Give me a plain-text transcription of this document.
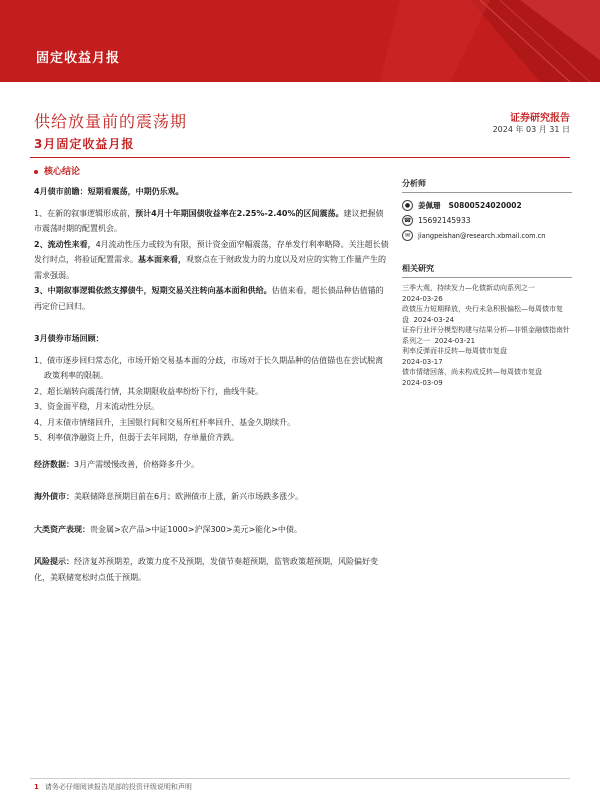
固定收益月报
供给放量前的震荡期
3月固定收益月报
证券研究报告
2024 年 03 月 31 日
核心结论

4月债市前瞻：短期看震荡，中期仍乐观。

1、在新的叙事逻辑形成前，预计4月十年期国债收益率在2.25%-2.40%的区间震荡。建议把握债市震荡时期的配置机会。

2、流动性来看，4月流动性压力或较为有限，预计资金面窄幅震荡，存单发行利率略降。关注超长债发行时点，将验证配置需求。基本面来看，观察点在于财政发力的力度以及对应的实物工作量产生的需求强弱。

3、中期叙事逻辑依然支撑债牛，短期交易关注转向基本面和供给。估值来看，超长债品种估值锚的再定价已回归。

3月债券市场回顾：

1、债市逐步回归常态化，市场开始交易基本面的分歧，市场对于长久期品种的估值锚也在尝试脱离政策利率的限制。

2、超长端转向震荡行情，其余期限收益率纷纷下行，曲线牛陡。

3、资金面平稳，月末流动性分层。

4、月末债市情绪回升，主国银行间和交易所杠杆率回升、基金久期续升。

5、利率债净融资上升，但弱于去年同期，存单量价齐跌。

经济数据：3月产需缓慢改善，价格降多升少。

海外债市：美联储降息预期目前在6月；欧洲债市上涨，新兴市场跌多涨少。

大类资产表现：贵金属>农产品>中证1000>沪深300>美元>能化>中债。

风险提示：经济复苏预期差，政策力度不及预期，发债节奏超预期，监管政策超预期，风险偏好变化，美联储宽松时点低于预期。

分析师
●	姜佩珊 S0800524020002
☎ 15692145933
✉	jiangpeishan@research.xbmail.com.cn
相关研究
三季大观，持续发力—化债新动向系列之一
2024-03-26
政债压力短期释放，央行未急积极偏松—每周债市复盘 2024-03-24
证券行业评分模型构建与结果分析—非银金融债指南针系列之一 2024-03-21
利率反弹而非反转—每周债市复盘
2024-03-17
债市情绪回落，尚未构成反转—每周债市复盘
2024-03-09
1 请务必仔细阅读报告尾部的投资评级说明和声明
